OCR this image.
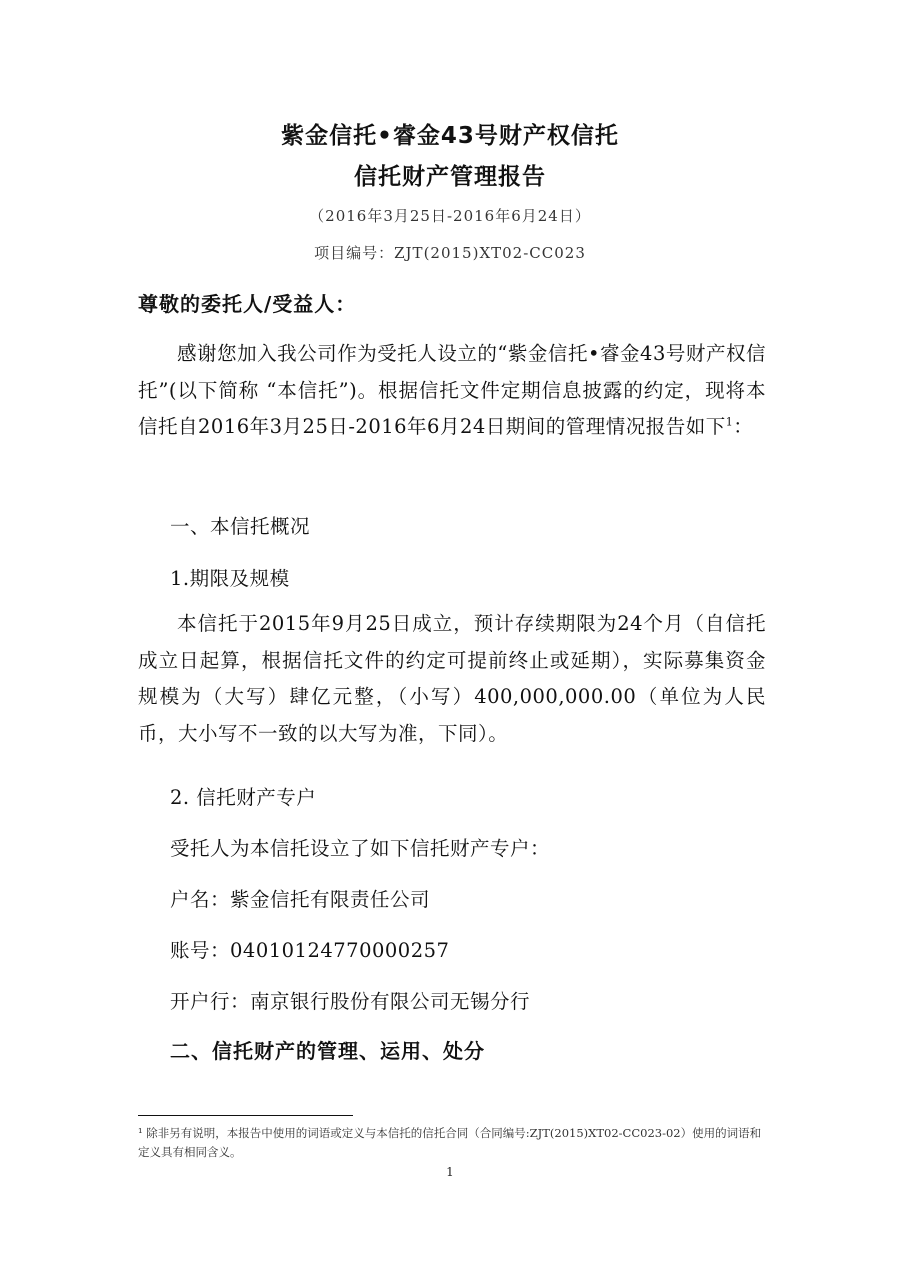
紫金信托•睿金43号财产权信托
信托财产管理报告
（2016年3月25日-2016年6月24日）
项目编号：ZJT(2015)XT02-CC023
尊敬的委托人/受益人：

感谢您加入我公司作为受托人设立的“紫金信托•睿金43号财产权信托”(以下简称 “本信托”)。根据信托文件定期信息披露的约定，现将本信托自2016年3月25日-2016年6月24日期间的管理情况报告如下$^1$：

一、本信托概况
1.期限及规模

本信托于2015年9月25日成立，预计存续期限为24个月（自信托成立日起算，根据信托文件的约定可提前终止或延期），实际募集资金规模为（大写）肆亿元整，（小写）400,000,000.00（单位为人民币，大小写不一致的以大写为准，下同）。

2. 信托财产专户
受托人为本信托设立了如下信托财产专户：
户名：紫金信托有限责任公司
账号：04010124770000257
开户行：南京银行股份有限公司无锡分行
二、信托财产的管理、运用、处分

¹ 除非另有说明，本报告中使用的词语或定义与本信托的信托合同（合同编号:ZJT(2015)XT02-CC023-02）使用的词语和定义具有相同含义。

1
